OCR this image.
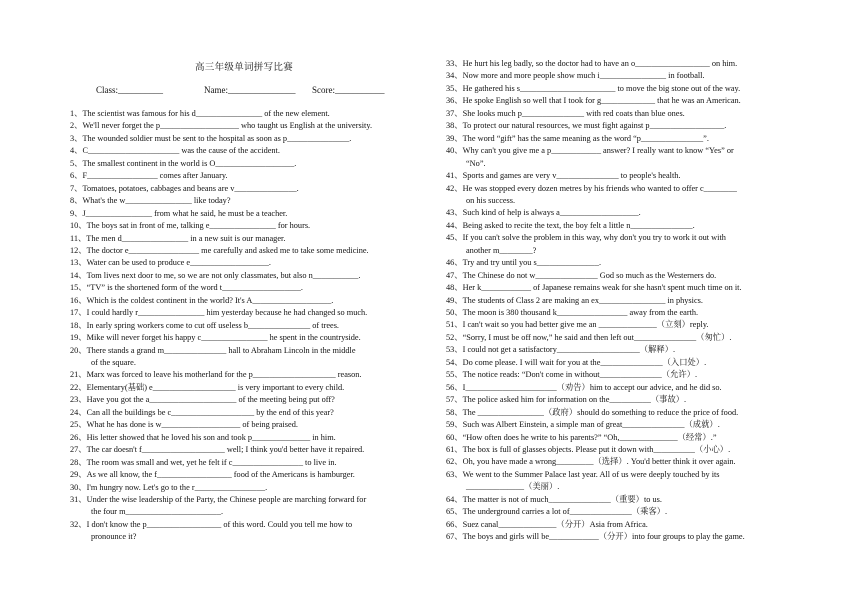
高三年级单词拼写比赛
Class:__________	Name:_______________ Score:___________
1、The scientist was famous for his d________________ of the new element.
2、We'll never forget the p___________________ who taught us English at the university.
3、The wounded soldier must be sent to the hospital as soon as p_______________.
4、C______________________ was the cause of the accident.
5、The smallest continent in the world is O___________________.
6、F_________________ comes after January.
7、Tomatoes, potatoes, cabbages and beans are v_______________.
8、What's the w________________ like today?
9、J________________ from what he said, he must be a teacher.
10、The boys sat in front of me, talking e________________ for hours.
11、The men d________________ in a new suit is our manager.
12、The doctor e_________________ me carefully and asked me to take some medicine.
13、Water can be used to produce e___________________.
14、Tom lives next door to me, so we are not only classmates, but also n___________.
15、“TV” is the shortened form of the word t___________________.
16、Which is the coldest continent in the world? It's A___________________.
17、I could hardly r________________ him yesterday because he had changed so much.
18、In early spring workers come to cut off useless b_______________ of trees.
19、Mike will never forget his happy c________________ he spent in the countryside.
20、There stands a grand m_______________ hall to Abraham Lincoln in the middle
of the square.
21、Marx was forced to leave his motherland for the p____________________ reason.
22、Elementary(基础) e____________________ is very important to every child.
23、Have you got the a_____________________ of the meeting being put off?
24、Can all the buildings be c____________________ by the end of this year?
25、What he has done is w___________________ of being praised.
26、His letter showed that he loved his son and took p______________ in him.
27、The car doesn't f____________________ well; I think you'd better have it repaired.
28、The room was small and wet, yet he felt if c_________________ to live in.
29、As we all know, the f__________________ food of the Americans is hamburger.
30、I'm hungry now. Let's go to the r_________________.
31、Under the wise leadership of the Party, the Chinese people are marching forward for
the four m_______________________.
32、I don't know the p__________________ of this word. Could you tell me how to
pronounce it?
33、He hurt his leg badly, so the doctor had to have an o__________________ on him.
34、Now more and more people show much i________________ in football.
35、He gathered his s_______________________ to move the big stone out of the way.
36、He spoke English so well that I took for g_____________ that he was an American.
37、She looks much p_______________ with red coats than blue ones.
38、To protect our natural resources, we must fight against p__________________.
39、The word “gift” has the same meaning as the word “p_______________”.
40、Why can't you give me a p____________ answer? I really want to know “Yes” or
“No”.
41、Sports and games are very v_______________ to people's health.
42、He was stopped every dozen metres by his friends who wanted to offer c________
on his success.
43、Such kind of help is always a___________________.
44、Being asked to recite the text, the boy felt a little n_______________.
45、If you can't solve the problem in this way, why don't you try to work it out with
another m________?
46、Try and try until you s_______________.
47、The Chinese do not w_______________ God so much as the Westerners do.
48、Her k____________ of Japanese remains weak for she hasn't spent much time on it.
49、The students of Class 2 are making an ex________________ in physics.
50、The moon is 380 thousand k_________________ away from the earth.
51、I can't wait so you had better give me an ______________（立刻）reply.
52、“Sorry, I must be off now,” he said and then left out_______________（匆忙）.
53、I could not get a satisfactory____________________（解释）.
54、Do come please. I will wait for you at the_______________（入口处）.
55、The notice reads: “Don't come in without_______________（允许）.
56、I______________________（劝告）him to accept our advice, and he did so.
57、The police asked him for information on the__________（事故）.
58、The ________________（政府）should do something to reduce the price of food.
59、Such was Albert Einstein, a simple man of great_______________（成就）.
60、“How often does he write to his parents?” “Oh,______________（经常）.”
61、The box is full of glasses objects. Please put it down with__________（小心）.
62、Oh, you have made a wrong_________（选择）. You'd better think it over again.
63、We went to the Summer Palace last year. All of us were deeply touched by its
______________（美丽）.
64、The matter is not of much_______________（重要）to us.
65、The underground carries a lot of_______________（乘客）.
66、Suez canal______________（分开）Asia from Africa.
67、The boys and girls will be____________（分开）into four groups to play the game.
